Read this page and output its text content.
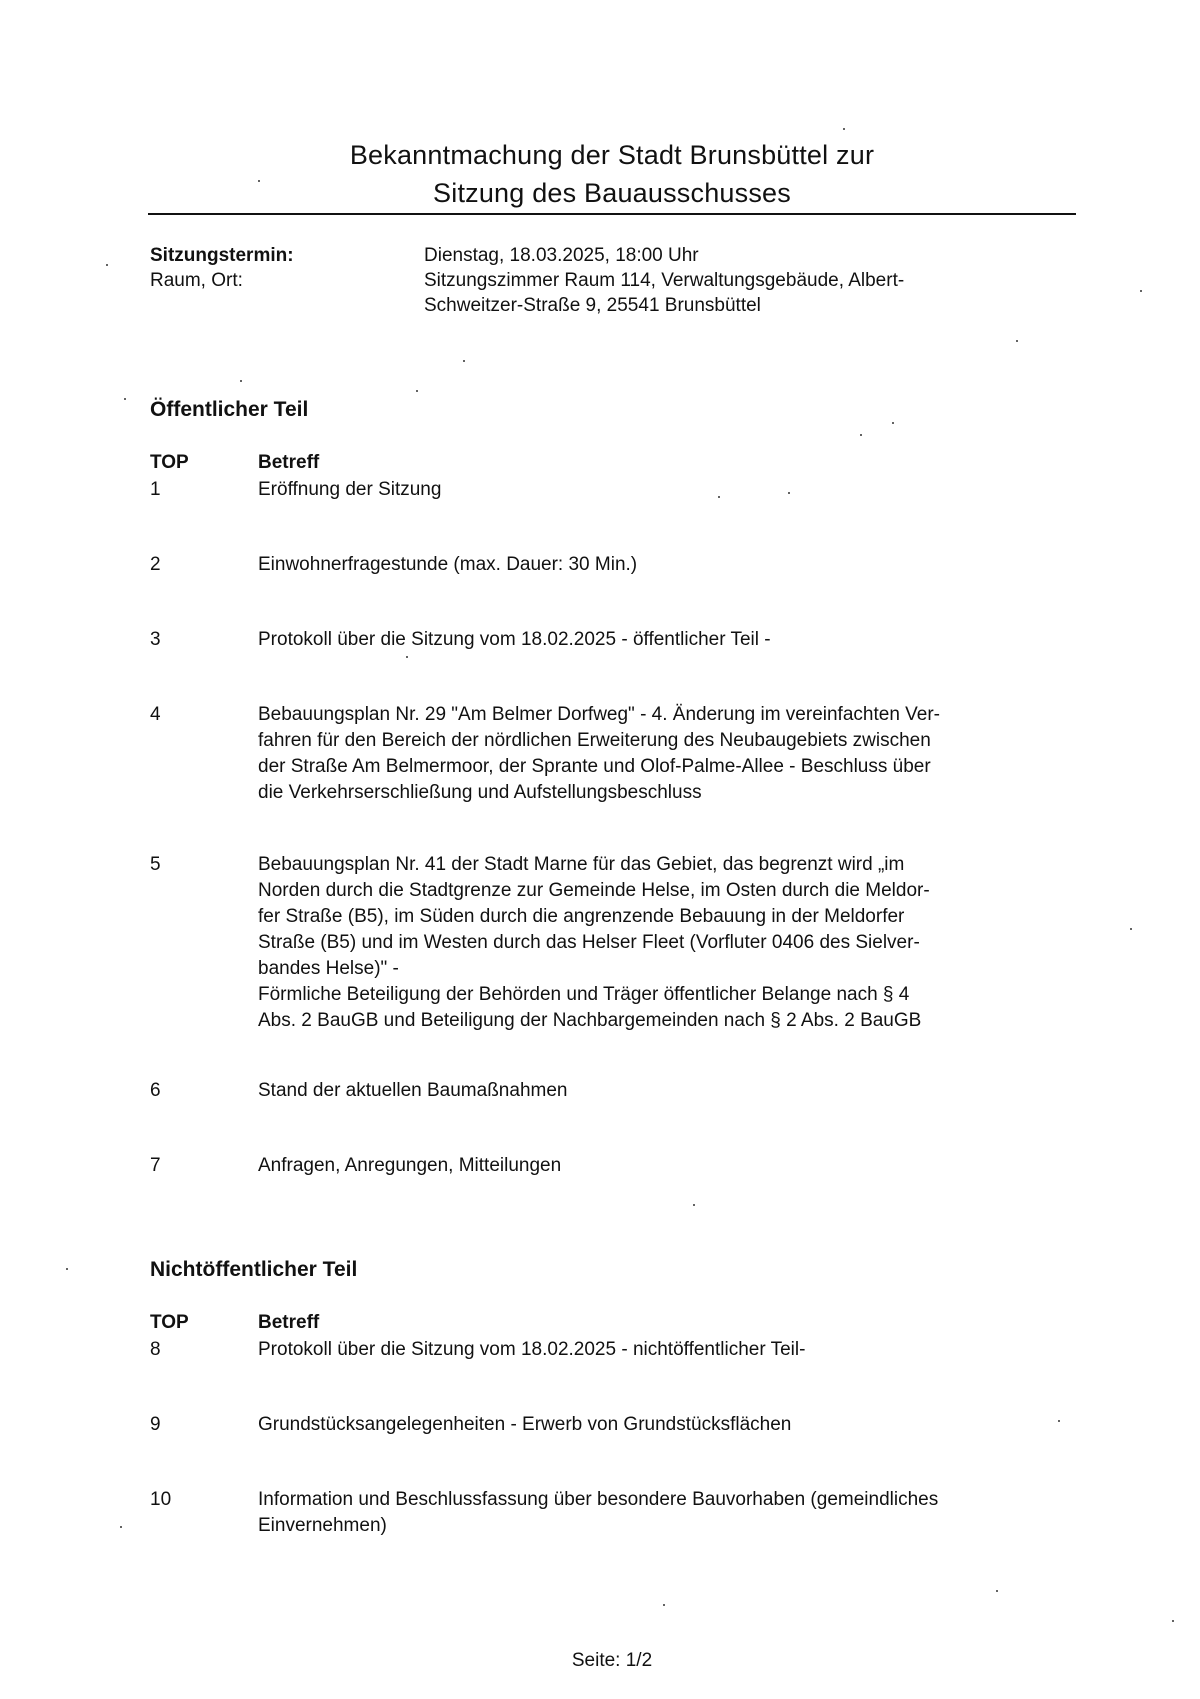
Bekanntmachung der Stadt Brunsbüttel zur
Sitzung des Bauausschusses
Sitzungstermin:	Dienstag, 18.03.2025, 18:00 Uhr
Raum, Ort:	Sitzungszimmer Raum 114, Verwaltungsgebäude, Albert-
Schweitzer-Straße 9, 25541 Brunsbüttel
Öffentlicher Teil
TOP	Betreff
1	Eröffnung der Sitzung
2	Einwohnerfragestunde (max. Dauer: 30 Min.)
3	Protokoll über die Sitzung vom 18.02.2025 - öffentlicher Teil -
4	Bebauungsplan Nr. 29 "Am Belmer Dorfweg" - 4. Änderung im vereinfachten Ver-
fahren für den Bereich der nördlichen Erweiterung des Neubaugebiets zwischen
der Straße Am Belmermoor, der Sprante und Olof-Palme-Allee - Beschluss über
die Verkehrserschließung und Aufstellungsbeschluss
5	Bebauungsplan Nr. 41 der Stadt Marne für das Gebiet, das begrenzt wird „im
Norden durch die Stadtgrenze zur Gemeinde Helse, im Osten durch die Meldor-
fer Straße (B5), im Süden durch die angrenzende Bebauung in der Meldorfer
Straße (B5) und im Westen durch das Helser Fleet (Vorfluter 0406 des Sielver-
bandes Helse)" -
Förmliche Beteiligung der Behörden und Träger öffentlicher Belange nach § 4
Abs. 2 BauGB und Beteiligung der Nachbargemeinden nach § 2 Abs. 2 BauGB
6	Stand der aktuellen Baumaßnahmen
7	Anfragen, Anregungen, Mitteilungen
Nichtöffentlicher Teil
TOP	Betreff
8	Protokoll über die Sitzung vom 18.02.2025 - nichtöffentlicher Teil-
9	Grundstücksangelegenheiten - Erwerb von Grundstücksflächen
10	Information und Beschlussfassung über besondere Bauvorhaben (gemeindliches
Einvernehmen)
Seite: 1/2
